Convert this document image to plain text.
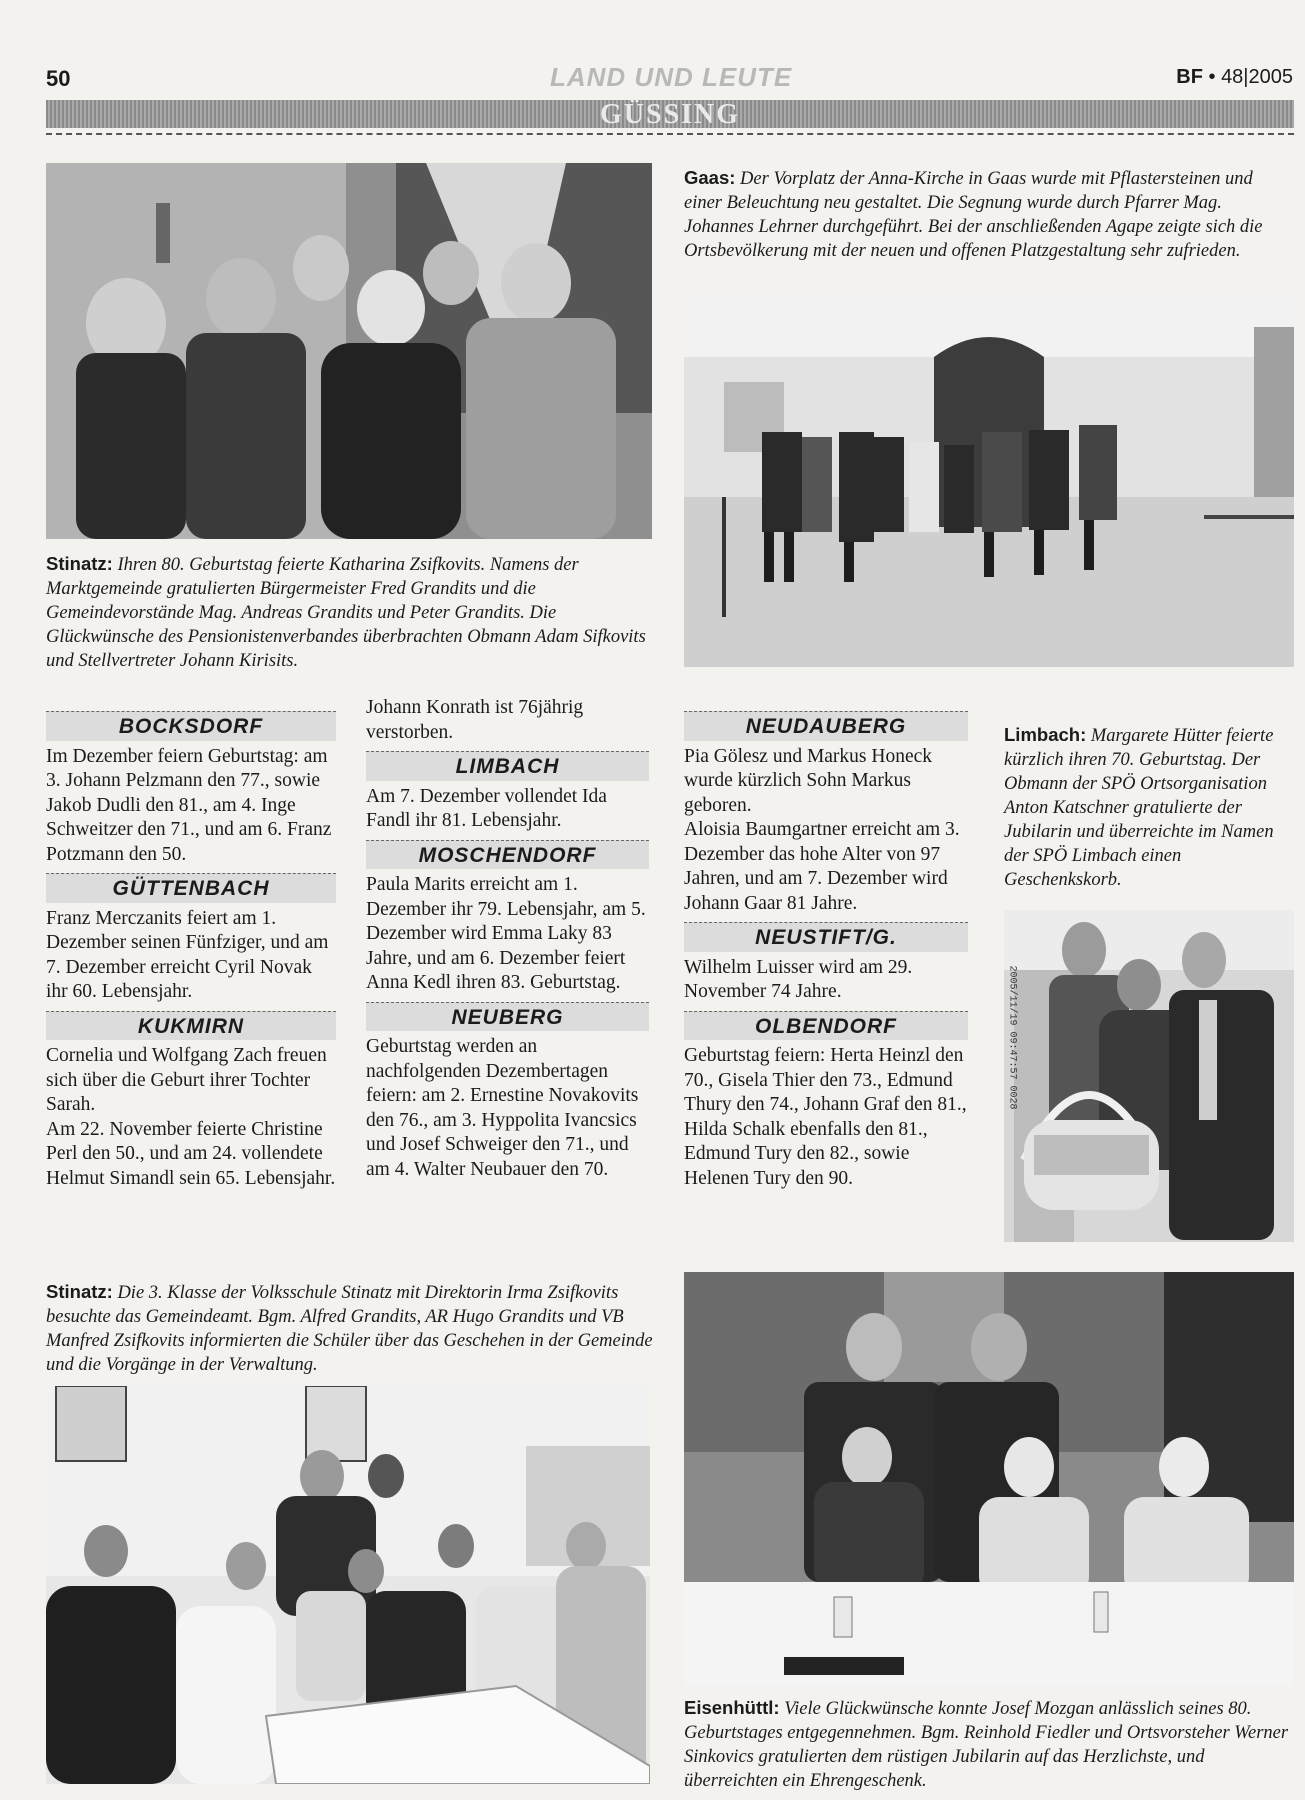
50	LAND UND LEUTE	BF • 48|2005
GÜSSING
Stinatz: Ihren 80. Geburtstag feierte Katharina Zsifkovits. Namens der Marktgemeinde gratulierten Bürgermeister Fred Grandits und die Gemeindevorstände Mag. Andreas Grandits und Peter Grandits. Die Glückwünsche des Pensionistenverbandes überbrachten Obmann Adam Sifkovits und Stellvertreter Johann Kirisits.
Gaas: Der Vorplatz der Anna-Kirche in Gaas wurde mit Pflastersteinen und einer Beleuchtung neu gestaltet. Die Segnung wurde durch Pfarrer Mag. Johannes Lehrner durchgeführt. Bei der anschließenden Agape zeigte sich die Ortsbevölkerung mit der neuen und offenen Platzgestaltung sehr zufrieden.
BOCKSDORF

Im Dezember feiern Geburtstag: am 3. Johann Pelzmann den 77., sowie Jakob Dudli den 81., am 4. Inge Schweitzer den 71., und am 6. Franz Potzmann den 50.

GÜTTENBACH

Franz Merczanits feiert am 1. Dezember seinen Fünfziger, und am 7. Dezember erreicht Cyril Novak ihr 60. Lebensjahr.

KUKMIRN

Cornelia und Wolfgang Zach freuen sich über die Geburt ihrer Tochter Sarah.

Am 22. November feierte Christine Perl den 50., und am 24. vollendete Helmut Simandl sein 65. Lebensjahr.

Johann Konrath ist 76jährig verstorben.

LIMBACH

Am 7. Dezember vollendet Ida Fandl ihr 81. Lebensjahr.

MOSCHENDORF

Paula Marits erreicht am 1. Dezember ihr 79. Lebensjahr, am 5. Dezember wird Emma Laky 83 Jahre, und am 6. Dezember feiert Anna Kedl ihren 83. Geburtstag.

NEUBERG

Geburtstag werden an nachfolgenden Dezembertagen feiern: am 2. Ernestine Novakovits den 76., am 3. Hyppolita Ivancsics und Josef Schweiger den 71., und am 4. Walter Neubauer den 70.

NEUDAUBERG

Pia Gölesz und Markus Honeck wurde kürzlich Sohn Markus geboren.

Aloisia Baumgartner erreicht am 3. Dezember das hohe Alter von 97 Jahren, und am 7. Dezember wird Johann Gaar 81 Jahre.

NEUSTIFT/G.

Wilhelm Luisser wird am 29. November 74 Jahre.

OLBENDORF

Geburtstag feiern: Herta Heinzl den 70., Gisela Thier den 73., Edmund Thury den 74., Johann Graf den 81., Hilda Schalk ebenfalls den 81., Edmund Tury den 82., sowie Helenen Tury den 90.

Limbach: Margarete Hütter feierte kürzlich ihren 70. Geburtstag. Der Obmann der SPÖ Ortsorganisation Anton Katschner gratulierte der Jubilarin und überreichte im Namen der SPÖ Limbach einen Geschenkskorb.
2005/11/19 09:47:57 0028
Stinatz: Die 3. Klasse der Volksschule Stinatz mit Direktorin Irma Zsifkovits besuchte das Gemeindeamt. Bgm. Alfred Grandits, AR Hugo Grandits und VB Manfred Zsifkovits informierten die Schüler über das Geschehen in der Gemeinde und die Vorgänge in der Verwaltung.
Eisenhüttl: Viele Glückwünsche konnte Josef Mozgan anlässlich seines 80. Geburtstages entgegennehmen. Bgm. Reinhold Fiedler und Ortsvorsteher Werner Sinkovics gratulierten dem rüstigen Jubilarin auf das Herzlichste, und überreichten ein Ehrengeschenk.
